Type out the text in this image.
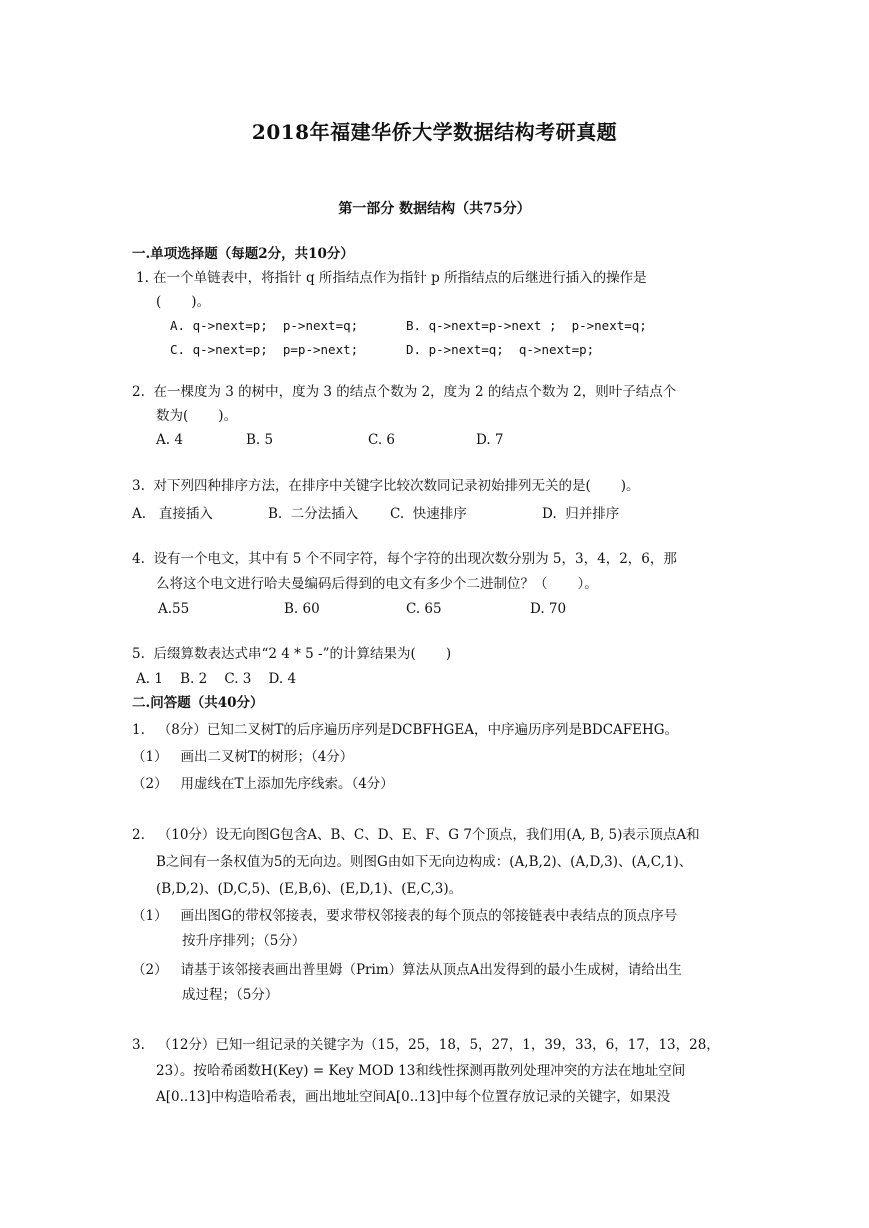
2018年福建华侨大学数据结构考研真题
第一部分 数据结构（共75分）
一.单项选择题（每题2分，共10分）
1. 在一个单链表中，将指针 q 所指结点作为指针 p 所指结点的后继进行插入的操作是
(       )。
A. q->next=p;  p->next=q;	B. q->next=p->next ;  p->next=q;
C. q->next=p;  p=p->next;	D. p->next=q;  q->next=p;
2.  在一棵度为 3 的树中，度为 3 的结点个数为 2，度为 2 的结点个数为 2，则叶子结点个
数为(       )。
A. 4	B. 5	C. 6	D. 7
3.  对下列四种排序方法，在排序中关键字比较次数同记录初始排列无关的是(       )。
A.   直接插入	B.  二分法插入 C.  快速排序	D.  归并排序
4.  设有一个电文，其中有 5 个不同字符，每个字符的出现次数分别为 5，3，4，2，6，那
么将这个电文进行哈夫曼编码后得到的电文有多少个二进制位？（       ）。
A.55	B. 60	C. 65	D. 70
5.  后缀算数表达式串“2 4 * 5 -”的计算结果为(       )
A. 1    B. 2    C. 3    D. 4
二.问答题（共40分）
1.   （8分）已知二叉树T的后序遍历序列是DCBFHGEA，中序遍历序列是BDCAFEHG。
（1）   画出二叉树T的树形；（4分）
（2）   用虚线在T上添加先序线索。（4分）
2.   （10分）设无向图G包含A、B、C、D、E、F、G 7个顶点，我们用(A, B, 5)表示顶点A和
B之间有一条权值为5的无向边。则图G由如下无向边构成：(A,B,2)、(A,D,3)、(A,C,1)、
(B,D,2)、(D,C,5)、(E,B,6)、(E,D,1)、(E,C,3)。
（1）   画出图G的带权邻接表，要求带权邻接表的每个顶点的邻接链表中表结点的顶点序号
按升序排列；（5分）
（2）   请基于该邻接表画出普里姆（Prim）算法从顶点A出发得到的最小生成树，请给出生
成过程；（5分）
3.   （12分）已知一组记录的关键字为（15，25，18，5，27，1，39，33，6，17，13，28，
23）。按哈希函数H(Key) = Key MOD 13和线性探测再散列处理冲突的方法在地址空间
A[0..13]中构造哈希表，画出地址空间A[0..13]中每个位置存放记录的关键字，如果没
